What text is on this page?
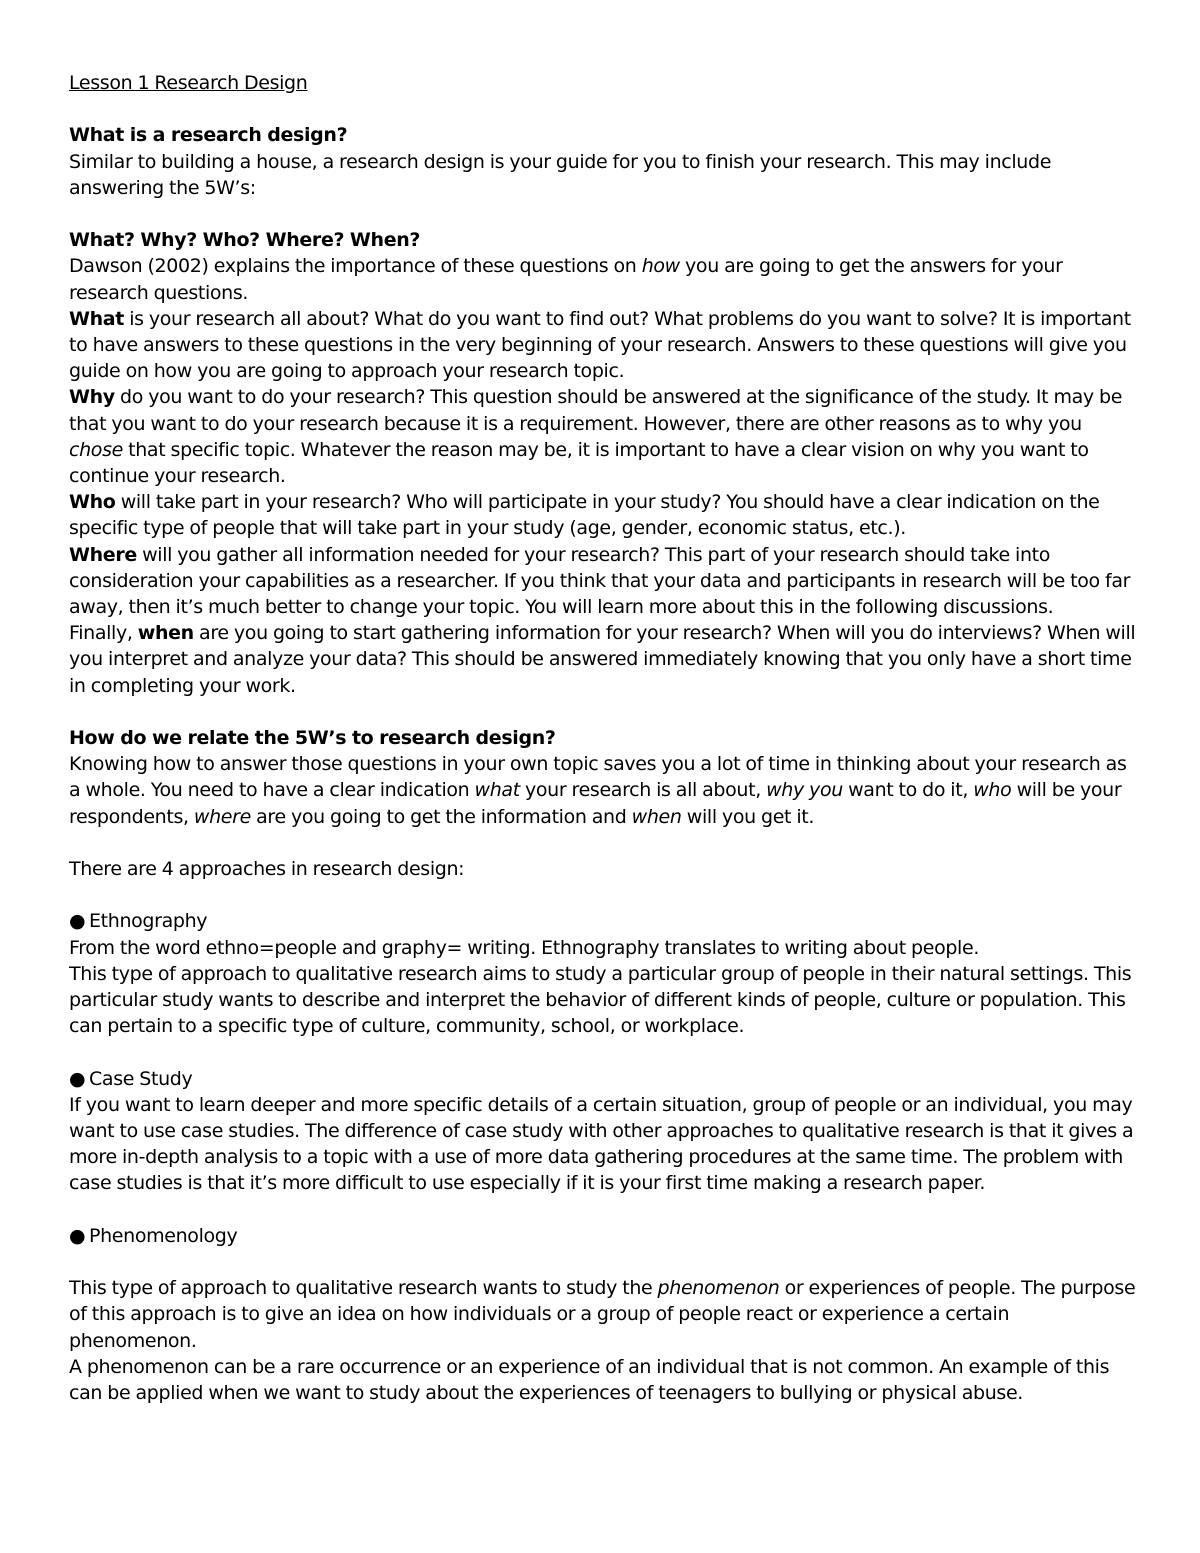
Lesson 1 Research Design
What is a research design?

Similar to building a house, a research design is your guide for you to finish your research. This may include answering the 5W’s:

What? Why? Who? Where? When?

Dawson (2002) explains the importance of these questions on how you are going to get the answers for your research questions.

What is your research all about? What do you want to find out? What problems do you want to solve? It is important to have answers to these questions in the very beginning of your research. Answers to these questions will give you guide on how you are going to approach your research topic.

Why do you want to do your research? This question should be answered at the significance of the study. It may be that you want to do your research because it is a requirement. However, there are other reasons as to why you chose that specific topic. Whatever the reason may be, it is important to have a clear vision on why you want to continue your research.

Who will take part in your research? Who will participate in your study? You should have a clear indication on the specific type of people that will take part in your study (age, gender, economic status, etc.).

Where will you gather all information needed for your research? This part of your research should take into consideration your capabilities as a researcher. If you think that your data and participants in research will be too far away, then it’s much better to change your topic. You will learn more about this in the following discussions.

Finally, when are you going to start gathering information for your research? When will you do interviews? When will you interpret and analyze your data? This should be answered immediately knowing that you only have a short time in completing your work.

How do we relate the 5W’s to research design?

Knowing how to answer those questions in your own topic saves you a lot of time in thinking about your research as a whole. You need to have a clear indication what your research is all about, why you want to do it, who will be your respondents, where are you going to get the information and when will you get it.

There are 4 approaches in research design:

● Ethnography

From the word ethno=people and graphy= writing. Ethnography translates to writing about people.

This type of approach to qualitative research aims to study a particular group of people in their natural settings. This particular study wants to describe and interpret the behavior of different kinds of people, culture or population. This can pertain to a specific type of culture, community, school, or workplace.

● Case Study

If you want to learn deeper and more specific details of a certain situation, group of people or an individual, you may want to use case studies. The difference of case study with other approaches to qualitative research is that it gives a more in-depth analysis to a topic with a use of more data gathering procedures at the same time. The problem with case studies is that it’s more difficult to use especially if it is your first time making a research paper.

● Phenomenology

This type of approach to qualitative research wants to study the phenomenon or experiences of people. The purpose of this approach is to give an idea on how individuals or a group of people react or experience a certain phenomenon.

A phenomenon can be a rare occurrence or an experience of an individual that is not common. An example of this can be applied when we want to study about the experiences of teenagers to bullying or physical abuse.
